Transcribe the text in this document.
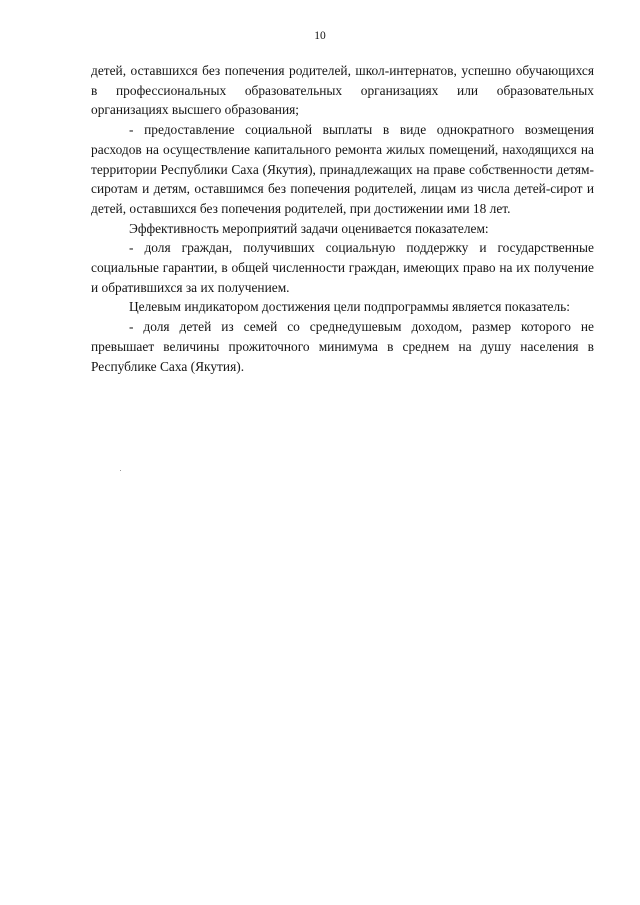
10

детей, оставшихся без попечения родителей, школ-интернатов, успешно обучающихся в профессиональных образовательных организациях или образовательных организациях высшего образования;

- предоставление социальной выплаты в виде однократного возмещения расходов на осуществление капитального ремонта жилых помещений, находящихся на территории Республики Саха (Якутия), принадлежащих на праве собственности детям-сиротам и детям, оставшимся без попечения родителей, лицам из числа детей-сирот и детей, оставшихся без попечения родителей, при достижении ими 18 лет.

Эффективность мероприятий задачи оценивается показателем:

- доля граждан, получивших социальную поддержку и государственные социальные гарантии, в общей численности граждан, имеющих право на их получение и обратившихся за их получением.

Целевым индикатором достижения цели подпрограммы является показатель:

- доля детей из семей со среднедушевым доходом, размер которого не превышает величины прожиточного минимума в среднем на душу населения в Республике Саха (Якутия).
